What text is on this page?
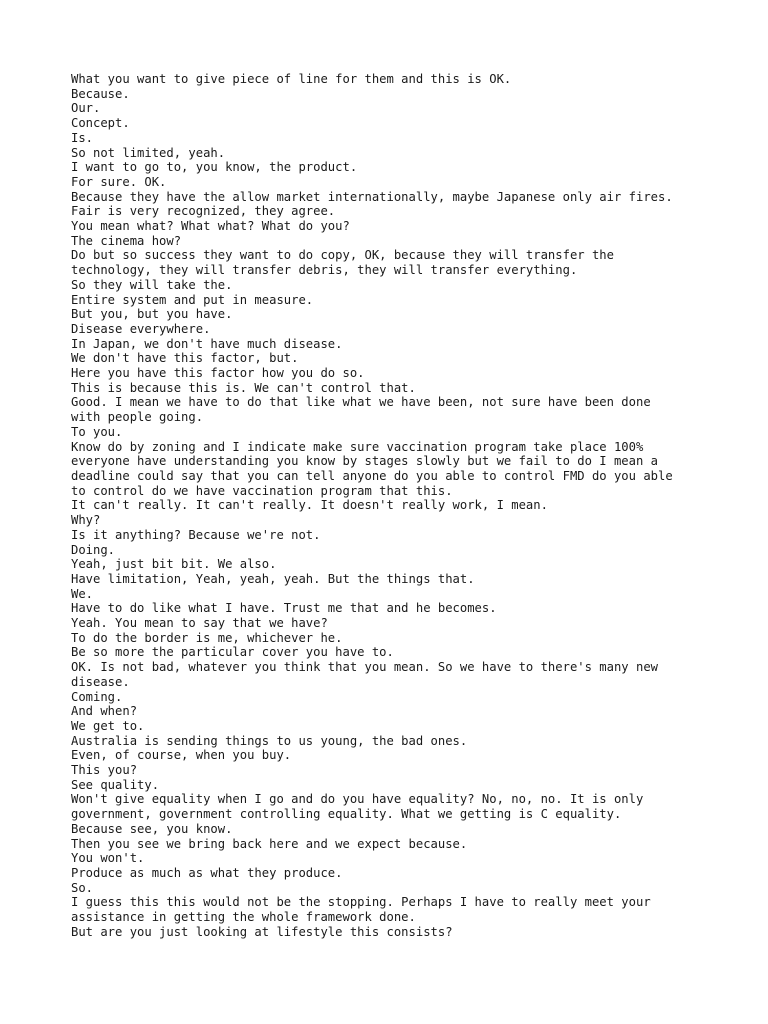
What you want to give piece of line for them and this is OK.
Because.
Our.
Concept.
Is.
So not limited, yeah.
I want to go to, you know, the product.
For sure. OK.
Because they have the allow market internationally, maybe Japanese only air fires.
Fair is very recognized, they agree.
You mean what? What what? What do you?
The cinema how?
Do but so success they want to do copy, OK, because they will transfer the
technology, they will transfer debris, they will transfer everything.
So they will take the.
Entire system and put in measure.
But you, but you have.
Disease everywhere.
In Japan, we don't have much disease.
We don't have this factor, but.
Here you have this factor how you do so.
This is because this is. We can't control that.
Good. I mean we have to do that like what we have been, not sure have been done
with people going.
To you.
Know do by zoning and I indicate make sure vaccination program take place 100%
everyone have understanding you know by stages slowly but we fail to do I mean a
deadline could say that you can tell anyone do you able to control FMD do you able
to control do we have vaccination program that this.
It can't really. It can't really. It doesn't really work, I mean.
Why?
Is it anything? Because we're not.
Doing.
Yeah, just bit bit. We also.
Have limitation, Yeah, yeah, yeah. But the things that.
We.
Have to do like what I have. Trust me that and he becomes.
Yeah. You mean to say that we have?
To do the border is me, whichever he.
Be so more the particular cover you have to.
OK. Is not bad, whatever you think that you mean. So we have to there's many new
disease.
Coming.
And when?
We get to.
Australia is sending things to us young, the bad ones.
Even, of course, when you buy.
This you?
See quality.
Won't give equality when I go and do you have equality? No, no, no. It is only
government, government controlling equality. What we getting is C equality.
Because see, you know.
Then you see we bring back here and we expect because.
You won't.
Produce as much as what they produce.
So.
I guess this this would not be the stopping. Perhaps I have to really meet your
assistance in getting the whole framework done.
But are you just looking at lifestyle this consists?
